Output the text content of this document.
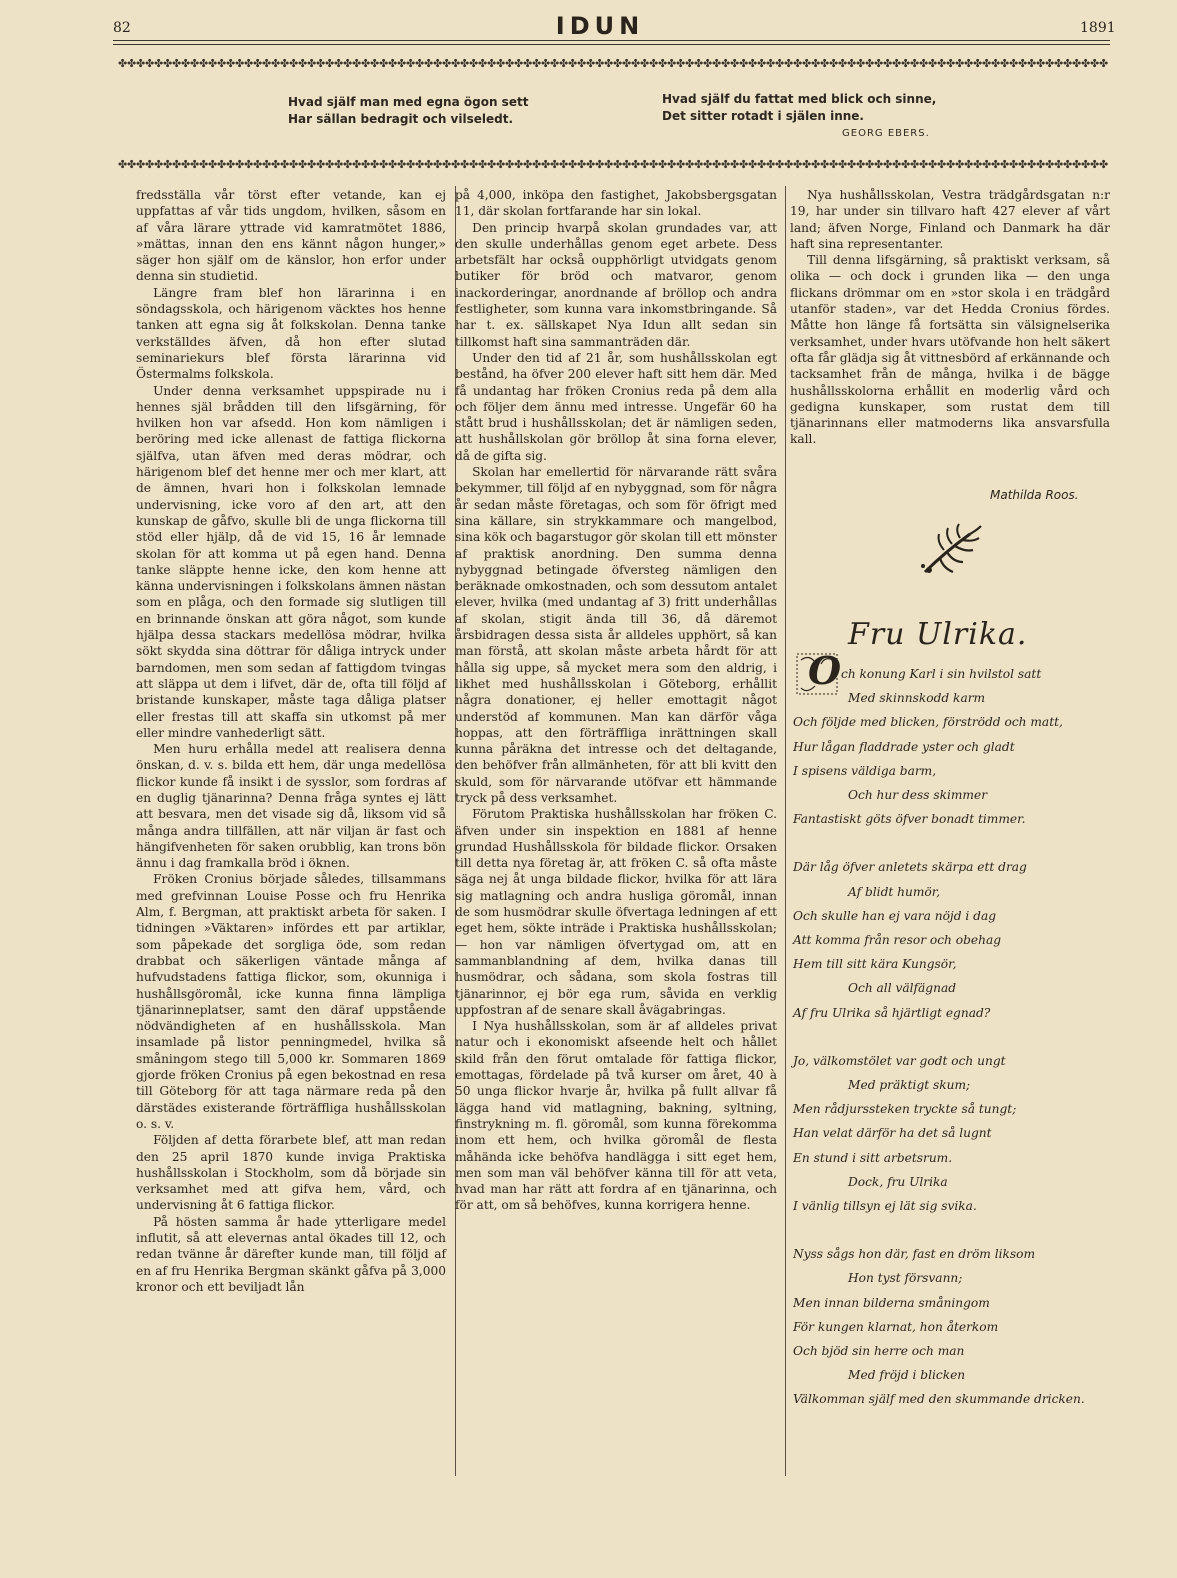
82	IDUN	1891
✤✤✤✤✤✤✤✤✤✤✤✤✤✤✤✤✤✤✤✤✤✤✤✤✤✤✤✤✤✤✤✤✤✤✤✤✤✤✤✤✤✤✤✤✤✤✤✤✤✤✤✤✤✤✤✤✤✤✤✤✤✤✤✤✤✤✤✤✤✤✤✤✤✤✤✤✤✤✤✤✤✤✤✤✤✤✤✤✤✤✤✤✤✤✤✤✤✤✤✤✤✤✤✤✤✤✤✤✤✤
Hvad själf man med egna ögon sett
Har sällan bedragit och vilseledt.
Hvad själf du fattat med blick och sinne,
Det sitter rotadt i själen inne.
GEORG EBERS.
✤✤✤✤✤✤✤✤✤✤✤✤✤✤✤✤✤✤✤✤✤✤✤✤✤✤✤✤✤✤✤✤✤✤✤✤✤✤✤✤✤✤✤✤✤✤✤✤✤✤✤✤✤✤✤✤✤✤✤✤✤✤✤✤✤✤✤✤✤✤✤✤✤✤✤✤✤✤✤✤✤✤✤✤✤✤✤✤✤✤✤✤✤✤✤✤✤✤✤✤✤✤✤✤✤✤✤✤✤✤

fredsställa vår törst efter vetande, kan ej uppfattas af vår tids ungdom, hvilken, såsom en af våra lärare yttrade vid kamratmötet 1886, »mättas, innan den ens kännt någon hunger,» säger hon själf om de känslor, hon erfor under denna sin studietid.

Längre fram blef hon lärarinna i en söndagsskola, och härigenom väcktes hos henne tanken att egna sig åt folkskolan. Denna tanke verkställdes äfven, då hon efter slutad seminariekurs blef första lärarinna vid Östermalms folkskola.

Under denna verksamhet uppspirade nu i hennes själ brådden till den lifsgärning, för hvilken hon var afsedd. Hon kom nämligen i beröring med icke allenast de fattiga flickorna själfva, utan äfven med deras mödrar, och härigenom blef det henne mer och mer klart, att de ämnen, hvari hon i folkskolan lemnade undervisning, icke voro af den art, att den kunskap de gåfvo, skulle bli de unga flickorna till stöd eller hjälp, då de vid 15, 16 år lemnade skolan för att komma ut på egen hand. Denna tanke släppte henne icke, den kom henne att känna undervisningen i folkskolans ämnen nästan som en plåga, och den formade sig slutligen till en brinnande önskan att göra något, som kunde hjälpa dessa stackars medellösa mödrar, hvilka sökt skydda sina döttrar för dåliga intryck under barndomen, men som sedan af fattigdom tvingas att släppa ut dem i lifvet, där de, ofta till följd af bristande kunskaper, måste taga dåliga platser eller frestas till att skaffa sin utkomst på mer eller mindre vanhederligt sätt.

Men huru erhålla medel att realisera denna önskan, d. v. s. bilda ett hem, där unga medellösa flickor kunde få insikt i de sysslor, som fordras af en duglig tjänarinna? Denna fråga syntes ej lätt att besvara, men det visade sig då, liksom vid så många andra tillfällen, att när viljan är fast och hängifvenheten för saken orubblig, kan trons bön ännu i dag framkalla bröd i öknen.

Fröken Cronius började således, tillsammans med grefvinnan Louise Posse och fru Henrika Alm, f. Bergman, att praktiskt arbeta för saken. I tidningen »Väktaren» infördes ett par artiklar, som påpekade det sorgliga öde, som redan drabbat och säkerligen väntade många af hufvudstadens fattiga flickor, som, okunniga i hushållsgöromål, icke kunna finna lämpliga tjänarinneplatser, samt den däraf uppstående nödvändigheten af en hushållsskola. Man insamlade på listor penningmedel, hvilka så småningom stego till 5,000 kr. Sommaren 1869 gjorde fröken Cronius på egen bekostnad en resa till Göteborg för att taga närmare reda på den därstädes existerande förträffliga hushållsskolan o. s. v.

Följden af detta förarbete blef, att man redan den 25 april 1870 kunde inviga Praktiska hushållsskolan i Stockholm, som då började sin verksamhet med att gifva hem, vård, och undervisning åt 6 fattiga flickor.

På hösten samma år hade ytterligare medel influtit, så att elevernas antal ökades till 12, och redan tvänne år därefter kunde man, till följd af en af fru Henrika Bergman skänkt gåfva på 3,000 kronor och ett beviljadt lån

på 4,000, inköpa den fastighet, Jakobsbergsgatan 11, där skolan fortfarande har sin lokal.

Den princip hvarpå skolan grundades var, att den skulle underhållas genom eget arbete. Dess arbetsfält har också oupphörligt utvidgats genom butiker för bröd och matvaror, genom inackorderingar, anordnande af bröllop och andra festligheter, som kunna vara inkomstbringande. Så har t. ex. sällskapet Nya Idun allt sedan sin tillkomst haft sina sammanträden där.

Under den tid af 21 år, som hushållsskolan egt bestånd, ha öfver 200 elever haft sitt hem där. Med få undantag har fröken Cronius reda på dem alla och följer dem ännu med intresse. Ungefär 60 ha stått brud i hushållsskolan; det är nämligen seden, att hushållskolan gör bröllop åt sina forna elever, då de gifta sig.

Skolan har emellertid för närvarande rätt svåra bekymmer, till följd af en nybyggnad, som för några år sedan måste företagas, och som för öfrigt med sina källare, sin strykkammare och mangelbod, sina kök och bagarstugor gör skolan till ett mönster af praktisk anordning. Den summa denna nybyggnad betingade öfversteg nämligen den beräknade omkostnaden, och som dessutom antalet elever, hvilka (med undantag af 3) fritt underhållas af skolan, stigit ända till 36, då däremot årsbidragen dessa sista år alldeles upphört, så kan man förstå, att skolan måste arbeta hårdt för att hålla sig uppe, så mycket mera som den aldrig, i likhet med hushållsskolan i Göteborg, erhållit några donationer, ej heller emottagit något understöd af kommunen. Man kan därför våga hoppas, att den förträffliga inrättningen skall kunna påräkna det intresse och det deltagande, den behöfver från allmänheten, för att bli kvitt den skuld, som för närvarande utöfvar ett hämmande tryck på dess verksamhet.

Förutom Praktiska hushållsskolan har fröken C. äfven under sin inspektion en 1881 af henne grundad Hushållsskola för bildade flickor. Orsaken till detta nya företag är, att fröken C. så ofta måste säga nej åt unga bildade flickor, hvilka för att lära sig matlagning och andra husliga göromål, innan de som husmödrar skulle öfvertaga ledningen af ett eget hem, sökte inträde i Praktiska hushållsskolan; — hon var nämligen öfvertygad om, att en sammanblandning af dem, hvilka danas till husmödrar, och sådana, som skola fostras till tjänarinnor, ej bör ega rum, såvida en verklig uppfostran af de senare skall åvägabringas.

I Nya hushållsskolan, som är af alldeles privat natur och i ekonomiskt afseende helt och hållet skild från den förut omtalade för fattiga flickor, emottagas, fördelade på två kurser om året, 40 à 50 unga flickor hvarje år, hvilka på fullt allvar få lägga hand vid matlagning, bakning, syltning, finstrykning m. fl. göromål, som kunna förekomma inom ett hem, och hvilka göromål de flesta måhända icke behöfva handlägga i sitt eget hem, men som man väl behöfver känna till för att veta, hvad man har rätt att fordra af en tjänarinna, och för att, om så behöfves, kunna korrigera henne.

Nya hushållsskolan, Vestra trädgårdsgatan n:r 19, har under sin tillvaro haft 427 elever af vårt land; äfven Norge, Finland och Danmark ha där haft sina representanter.

Till denna lifsgärning, så praktiskt verksam, så olika — och dock i grunden lika — den unga flickans drömmar om en »stor skola i en trädgård utanför staden», var det Hedda Cronius fördes. Måtte hon länge få fortsätta sin välsignelserika verksamhet, under hvars utöfvande hon helt säkert ofta får glädja sig åt vittnesbörd af erkännande och tacksamhet från de många, hvilka i de bägge hushållsskolorna erhållit en moderlig vård och gedigna kunskaper, som rustat dem till tjänarinnans eller matmoderns lika ansvarsfulla kall.

Mathilda Roos.
Fru Ulrika.
O ch konung Karl i sin hvilstol satt
Med skinnskodd karm
Och följde med blicken, förströdd och matt,
Hur lågan fladdrade yster och gladt
I spisens väldiga barm,
Och hur dess skimmer
Fantastiskt göts öfver bonadt timmer.
Där låg öfver anletets skärpa ett drag
Af blidt humör,
Och skulle han ej vara nöjd i dag
Att komma från resor och obehag
Hem till sitt kära Kungsör,
Och all välfägnad
Af fru Ulrika så hjärtligt egnad?
Jo, välkomstölet var godt och ungt
Med präktigt skum;
Men rådjurssteken tryckte så tungt;
Han velat därför ha det så lugnt
En stund i sitt arbetsrum.
Dock, fru Ulrika
I vänlig tillsyn ej lät sig svika.
Nyss sågs hon där, fast en dröm liksom
Hon tyst försvann;
Men innan bilderna småningom
För kungen klarnat, hon återkom
Och bjöd sin herre och man
Med fröjd i blicken
Välkomman själf med den skummande dricken.
